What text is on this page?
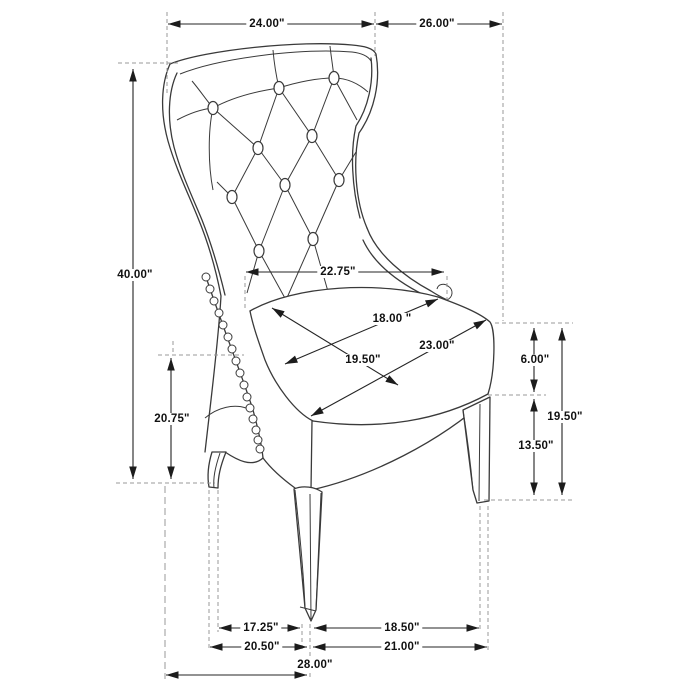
24.00"	26.00"
40.00"	22.75"
18.00 "
23.00"
19.50"
20.75"
6.00"
13.50"
19.50"
17.25"	18.50"
20.50"	21.00"
28.00"
